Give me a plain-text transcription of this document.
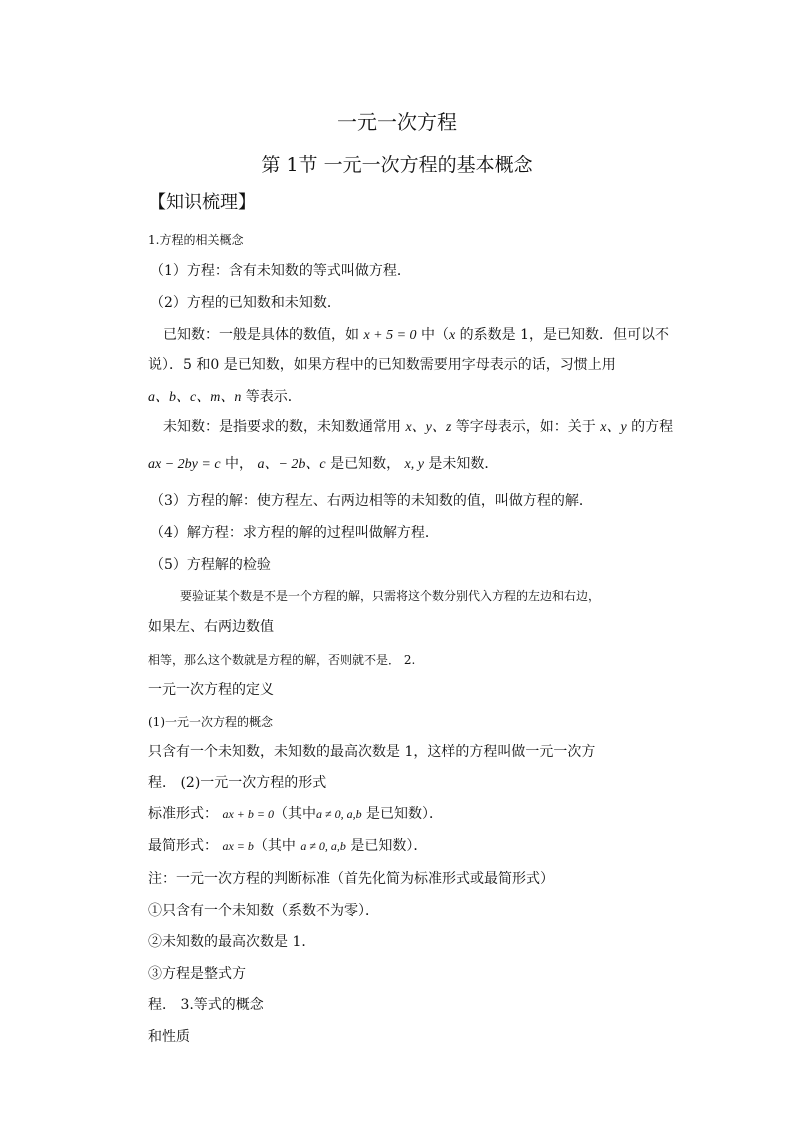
一元一次方程
第 1节 一元一次方程的基本概念
【知识梳理】
1.方程的相关概念
（1）方程：含有未知数的等式叫做方程．
（2）方程的已知数和未知数．
已知数：一般是具体的数值，如 x + 5 = 0 中（x 的系数是 1，是已知数．但可以不
说）．5 和0 是已知数，如果方程中的已知数需要用字母表示的话，习惯上用
a、b、c、m、n 等表示．
未知数：是指要求的数，未知数通常用 x、y、z 等字母表示，如：关于 x、y 的方程
ax − 2by = c 中， a、− 2b、c 是已知数， x, y 是未知数．
（3）方程的解：使方程左、右两边相等的未知数的值，叫做方程的解．
（4）解方程：求方程的解的过程叫做解方程．
（5）方程解的检验
要验证某个数是不是一个方程的解，只需将这个数分别代入方程的左边和右边，
如果左、右两边数值
相等，那么这个数就是方程的解，否则就不是． 2.
一元一次方程的定义
(1)一元一次方程的概念
只含有一个未知数，未知数的最高次数是 1，这样的方程叫做一元一次方
程． (2)一元一次方程的形式
标准形式： ax + b = 0（其中a ≠ 0, a,b 是已知数）．
最简形式： ax = b（其中 a ≠ 0, a,b 是已知数）．
注：一元一次方程的判断标准（首先化简为标准形式或最简形式）
①只含有一个未知数（系数不为零）．
②未知数的最高次数是 1．
③方程是整式方
程． 3.等式的概念
和性质
